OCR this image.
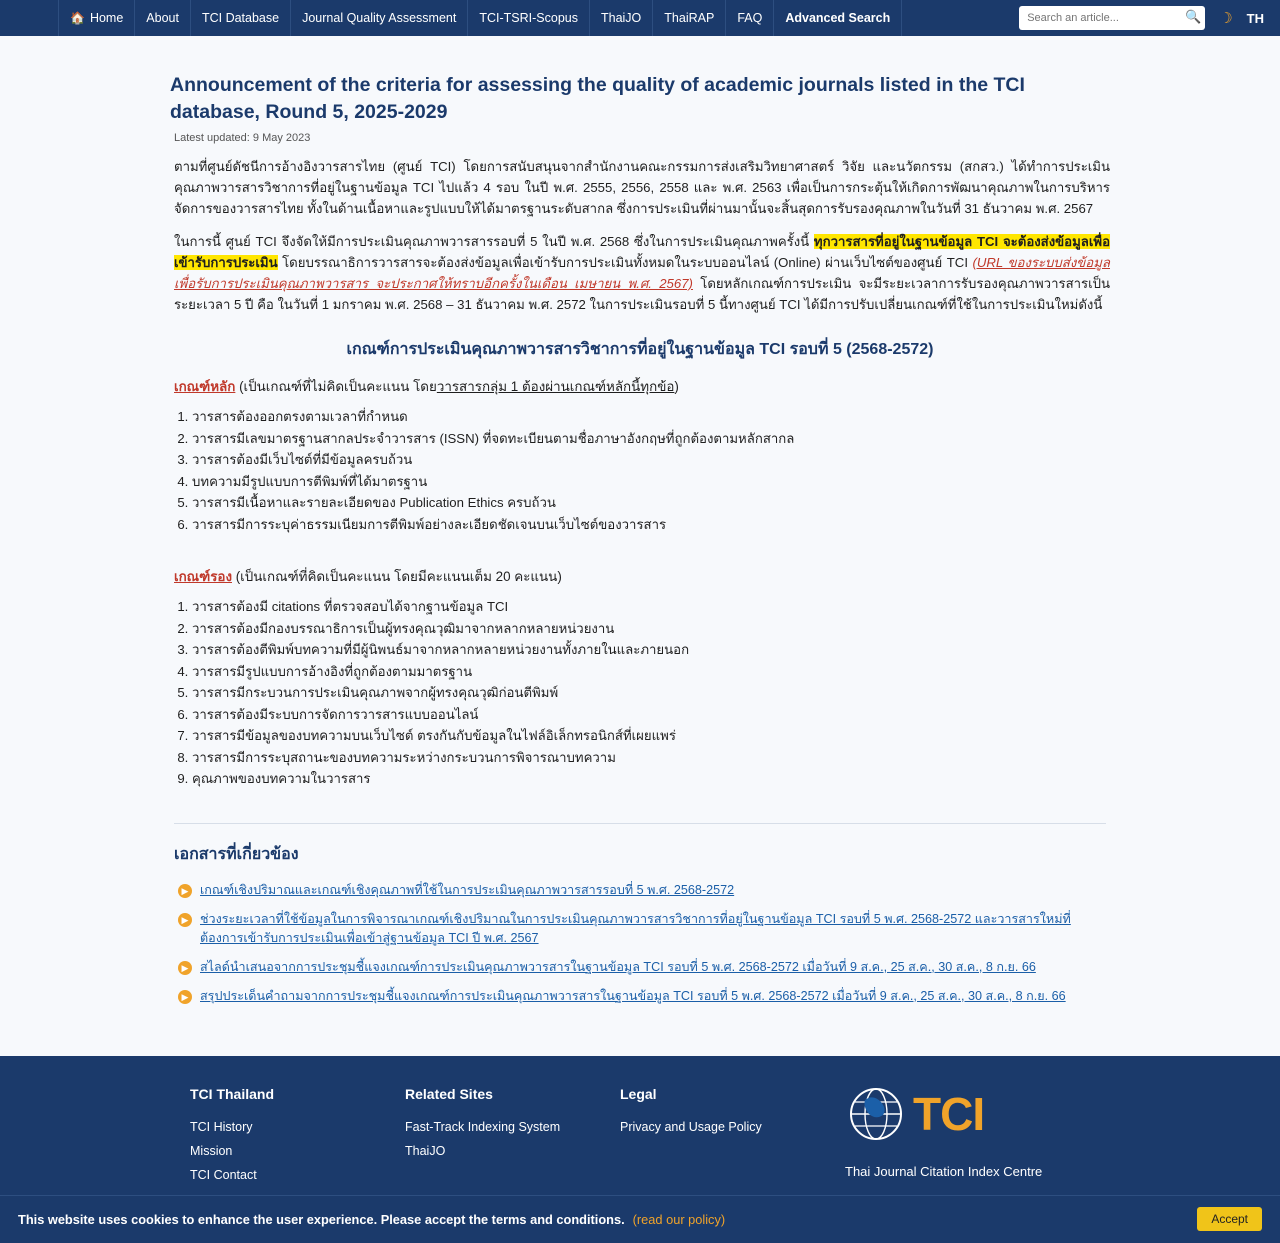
🏠 Home About TCI Database Journal Quality Assessment TCI-TSRI-Scopus ThaiJO ThaiRAP FAQ Advanced Search
Search an article...	🔍 ☽ TH
Announcement of the criteria for assessing the quality of academic journals listed in the TCI database, Round 5, 2025-2029
Latest updated: 9 May 2023

ตามที่ศูนย์ดัชนีการอ้างอิงวารสารไทย (ศูนย์ TCI) โดยการสนับสนุนจากสำนักงานคณะกรรมการส่งเสริมวิทยาศาสตร์ วิจัย และนวัตกรรม (สกสว.) ได้ทำการประเมินคุณภาพวารสารวิชาการที่อยู่ในฐานข้อมูล TCI ไปแล้ว 4 รอบ ในปี พ.ศ. 2555, 2556, 2558 และ พ.ศ. 2563 เพื่อเป็นการกระตุ้นให้เกิดการพัฒนาคุณภาพในการบริหารจัดการของวารสารไทย ทั้งในด้านเนื้อหาและรูปแบบให้ได้มาตรฐานระดับสากล ซึ่งการประเมินที่ผ่านมานั้นจะสิ้นสุดการรับรองคุณภาพในวันที่ 31 ธันวาคม พ.ศ. 2567

ในการนี้ ศูนย์ TCI จึงจัดให้มีการประเมินคุณภาพวารสารรอบที่ 5 ในปี พ.ศ. 2568 ซึ่งในการประเมินคุณภาพครั้งนี้ ทุกวารสารที่อยู่ในฐานข้อมูล TCI จะต้องส่งข้อมูลเพื่อเข้ารับการประเมิน โดยบรรณาธิการวารสารจะต้องส่งข้อมูลเพื่อเข้ารับการประเมินทั้งหมดในระบบออนไลน์ (Online) ผ่านเว็บไซต์ของศูนย์ TCI (URL ของระบบส่งข้อมูลเพื่อรับการประเมินคุณภาพวารสาร จะประกาศให้ทราบอีกครั้งในเดือน เมษายน พ.ศ. 2567) โดยหลักเกณฑ์การประเมิน จะมีระยะเวลาการรับรองคุณภาพวารสารเป็นระยะเวลา 5 ปี คือ ในวันที่ 1 มกราคม พ.ศ. 2568 – 31 ธันวาคม พ.ศ. 2572 ในการประเมินรอบที่ 5 นี้ทางศูนย์ TCI ได้มีการปรับเปลี่ยนเกณฑ์ที่ใช้ในการประเมินใหม่ดังนี้

เกณฑ์การประเมินคุณภาพวารสารวิชาการที่อยู่ในฐานข้อมูล TCI รอบที่ 5 (2568-2572)
เกณฑ์หลัก (เป็นเกณฑ์ที่ไม่คิดเป็นคะแนน โดยวารสารกลุ่ม 1 ต้องผ่านเกณฑ์หลักนี้ทุกข้อ)
1. วารสารต้องออกตรงตามเวลาที่กำหนด
2. วารสารมีเลขมาตรฐานสากลประจำวารสาร (ISSN) ที่จดทะเบียนตามชื่อภาษาอังกฤษที่ถูกต้องตามหลักสากล
3. วารสารต้องมีเว็บไซต์ที่มีข้อมูลครบถ้วน
4. บทความมีรูปแบบการตีพิมพ์ที่ได้มาตรฐาน
5. วารสารมีเนื้อหาและรายละเอียดของ Publication Ethics ครบถ้วน
6. วารสารมีการระบุค่าธรรมเนียมการตีพิมพ์อย่างละเอียดชัดเจนบนเว็บไซต์ของวารสาร
เกณฑ์รอง (เป็นเกณฑ์ที่คิดเป็นคะแนน โดยมีคะแนนเต็ม 20 คะแนน)
1. วารสารต้องมี citations ที่ตรวจสอบได้จากฐานข้อมูล TCI
2. วารสารต้องมีกองบรรณาธิการเป็นผู้ทรงคุณวุฒิมาจากหลากหลายหน่วยงาน
3. วารสารต้องตีพิมพ์บทความที่มีผู้นิพนธ์มาจากหลากหลายหน่วยงานทั้งภายในและภายนอก
4. วารสารมีรูปแบบการอ้างอิงที่ถูกต้องตามมาตรฐาน
5. วารสารมีกระบวนการประเมินคุณภาพจากผู้ทรงคุณวุฒิก่อนตีพิมพ์
6. วารสารต้องมีระบบการจัดการวารสารแบบออนไลน์
7. วารสารมีข้อมูลของบทความบนเว็บไซต์ ตรงกันกับข้อมูลในไฟล์อิเล็กทรอนิกส์ที่เผยแพร่
8. วารสารมีการระบุสถานะของบทความระหว่างกระบวนการพิจารณาบทความ
9. คุณภาพของบทความในวารสาร
เอกสารที่เกี่ยวข้อง
▶ เกณฑ์เชิงปริมาณและเกณฑ์เชิงคุณภาพที่ใช้ในการประเมินคุณภาพวารสารรอบที่ 5 พ.ศ. 2568-2572
▶ ช่วงระยะเวลาที่ใช้ข้อมูลในการพิจารณาเกณฑ์เชิงปริมาณในการประเมินคุณภาพวารสารวิชาการที่อยู่ในฐานข้อมูล TCI รอบที่ 5 พ.ศ. 2568-2572 และวารสารใหม่ที่ต้องการเข้ารับการประเมินเพื่อเข้าสู่ฐานข้อมูล TCI ปี พ.ศ. 2567
▶ สไลด์นำเสนอจากการประชุมชี้แจงเกณฑ์การประเมินคุณภาพวารสารในฐานข้อมูล TCI รอบที่ 5 พ.ศ. 2568-2572 เมื่อวันที่ 9 ส.ค., 25 ส.ค., 30 ส.ค., 8 ก.ย. 66
▶ สรุปประเด็นคำถามจากการประชุมชี้แจงเกณฑ์การประเมินคุณภาพวารสารในฐานข้อมูล TCI รอบที่ 5 พ.ศ. 2568-2572 เมื่อวันที่ 9 ส.ค., 25 ส.ค., 30 ส.ค., 8 ก.ย. 66
TCI Thailand
TCI History
Mission
TCI Contact
Related Sites
Fast-Track Indexing System
ThaiJO
Legal
Privacy and Usage Policy	TCI
Thai Journal Citation Index Centre
This website uses cookies to enhance the user experience. Please accept the terms and conditions. (read our policy)	Accept
